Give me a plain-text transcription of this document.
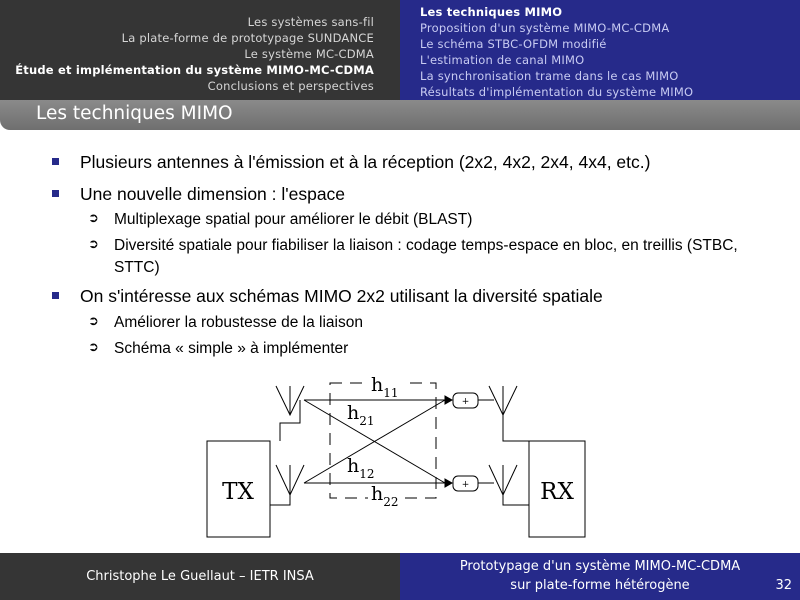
Les systèmes sans-fil
La plate-forme de prototypage SUNDANCE
Le système MC-CDMA
Étude et implémentation du système MIMO-MC-CDMA
Conclusions et perspectives
Les techniques MIMO
Proposition d'un système MIMO-MC-CDMA
Le schéma STBC-OFDM modifié
L'estimation de canal MIMO
La synchronisation trame dans le cas MIMO
Résultats d'implémentation du système MIMO
Les techniques MIMO
Plusieurs antennes à l'émission et à la réception (2x2, 4x2, 2x4, 4x4, etc.)
Une nouvelle dimension : l'espace
➲ Multiplexage spatial pour améliorer le débit (BLAST)
➲ Diversité spatiale pour fiabiliser la liaison : codage temps-espace en bloc, en treillis (STBC, STTC)
On s'intéresse aux schémas MIMO 2x2 utilisant la diversité spatiale
➲ Améliorer la robustesse de la liaison
➲ Schéma « simple » à implémenter
+
+
TX	RX
$h_{11}$
$h_{21}$
$h_{12}$
$h_{22}$
Christophe Le Guellaut – IETR INSA
Prototypage d'un système MIMO-MC-CDMA
sur plate-forme hétérogène	32
